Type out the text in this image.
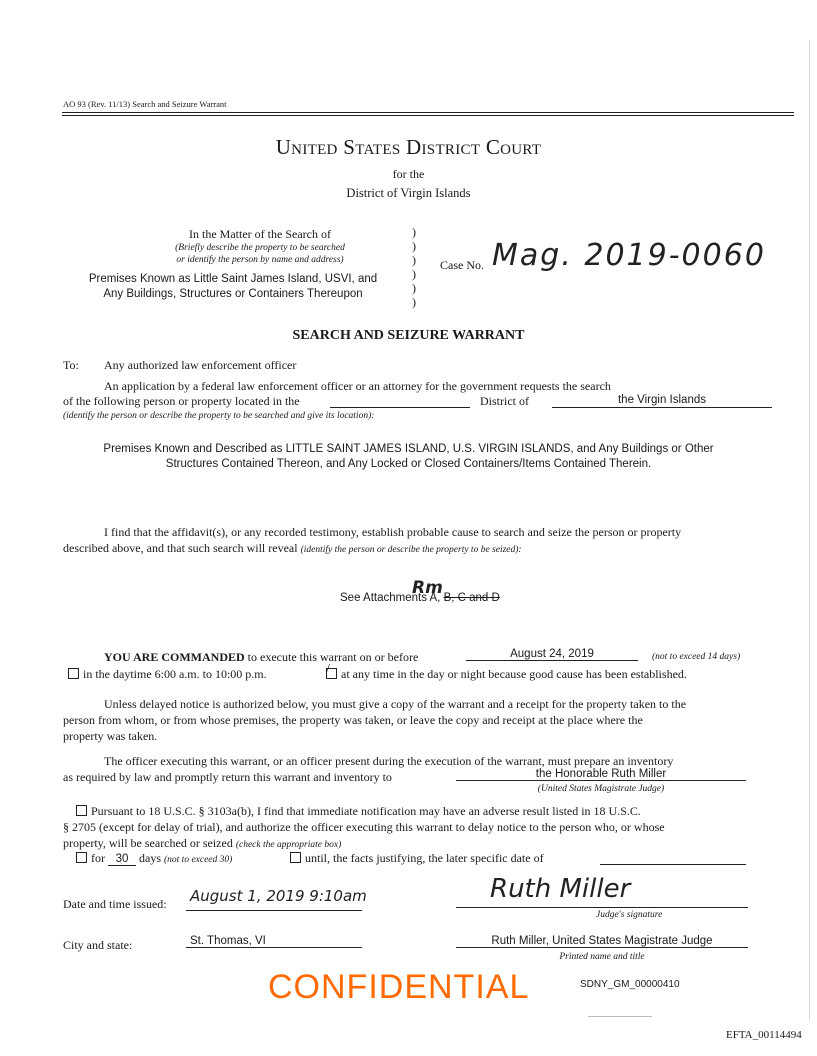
AO 93 (Rev. 11/13) Search and Seizure Warrant
United States District Court
for the
District of Virgin Islands
In the Matter of the Search of
(Briefly describe the property to be searched
or identify the person by name and address)
Premises Known as Little Saint James Island, USVI, and
Any Buildings, Structures or Containers Thereupon
)
)
)
)
)
)
Case No. Mag. 2019-0060
SEARCH AND SEIZURE WARRANT
To: Any authorized law enforcement officer
An application by a federal law enforcement officer or an attorney for the government requests the search
of the following person or property located in the	District of	the Virgin Islands
(identify the person or describe the property to be searched and give its location):
Premises Known and Described as LITTLE SAINT JAMES ISLAND, U.S. VIRGIN ISLANDS, and Any Buildings or Other
Structures Contained Thereon, and Any Locked or Closed Containers/Items Contained Therein.
I find that the affidavit(s), or any recorded testimony, establish probable cause to search and seize the person or property
described above, and that such search will reveal (identify the person or describe the property to be seized):
See Attachments A, B, C and D
Rm
YOU ARE COMMANDED to execute this warrant on or before	August 24, 2019	(not to exceed 14 days)
in the daytime 6:00 a.m. to 10:00 p.m.	/ at any time in the day or night because good cause has been established.
Unless delayed notice is authorized below, you must give a copy of the warrant and a receipt for the property taken to the
person from whom, or from whose premises, the property was taken, or leave the copy and receipt at the place where the
property was taken.
The officer executing this warrant, or an officer present during the execution of the warrant, must prepare an inventory
as required by law and promptly return this warrant and inventory to	the Honorable Ruth Miller
(United States Magistrate Judge)
Pursuant to 18 U.S.C. § 3103a(b), I find that immediate notification may have an adverse result listed in 18 U.S.C.
§ 2705 (except for delay of trial), and authorize the officer executing this warrant to delay notice to the person who, or whose
property, will be searched or seized (check the appropriate box)
for 30 days (not to exceed 30)	until, the facts justifying, the later specific date of
Date and time issued: August 1, 2019 9:10am	Ruth Miller
Judge's signature
City and state:	St. Thomas, VI	Ruth Miller, United States Magistrate Judge
Printed name and title
CONFIDENTIAL	SDNY_GM_00000410
EFTA_00114494
